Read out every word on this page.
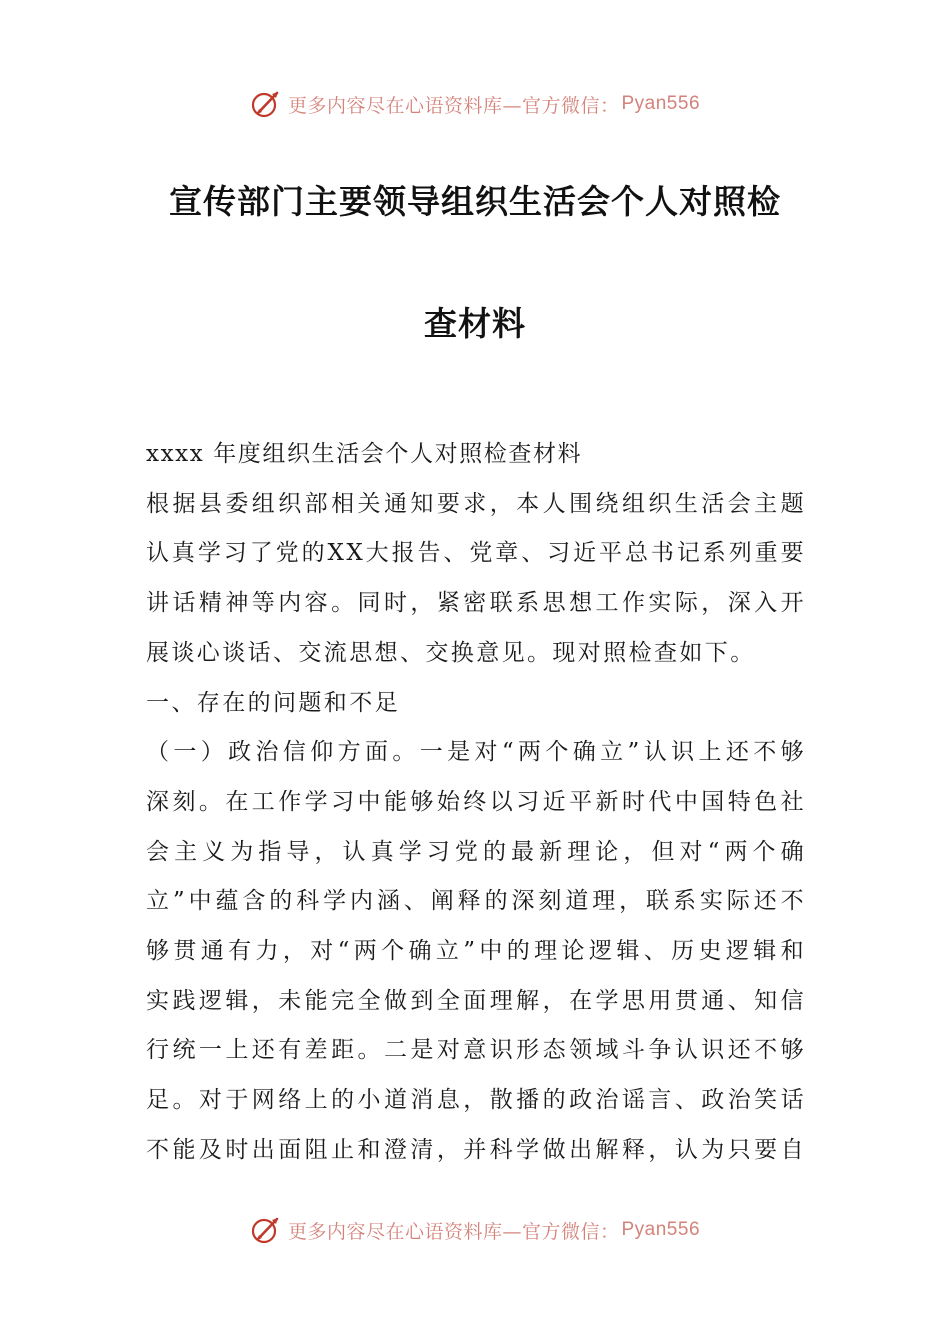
更多内容尽在心语资料库—官方微信： Pyan556
宣传部门主要领导组织生活会个人对照检
查材料

xxxx 年度组织生活会个人对照检查材料

根据县委组织部相关通知要求，本人围绕组织生活会主题

认真学习了党的XX大报告、党章、习近平总书记系列重要

讲话精神等内容。同时，紧密联系思想工作实际，深入开

展谈心谈话、交流思想、交换意见。现对照检查如下。

一、存在的问题和不足

（一）政治信仰方面。一是对“两个确立”认识上还不够

深刻。在工作学习中能够始终以习近平新时代中国特色社

会主义为指导，认真学习党的最新理论，但对“两个确

立”中蕴含的科学内涵、阐释的深刻道理，联系实际还不

够贯通有力，对“两个确立”中的理论逻辑、历史逻辑和

实践逻辑，未能完全做到全面理解，在学思用贯通、知信

行统一上还有差距。二是对意识形态领域斗争认识还不够

足。对于网络上的小道消息，散播的政治谣言、政治笑话

不能及时出面阻止和澄清，并科学做出解释，认为只要自

更多内容尽在心语资料库—官方微信： Pyan556
